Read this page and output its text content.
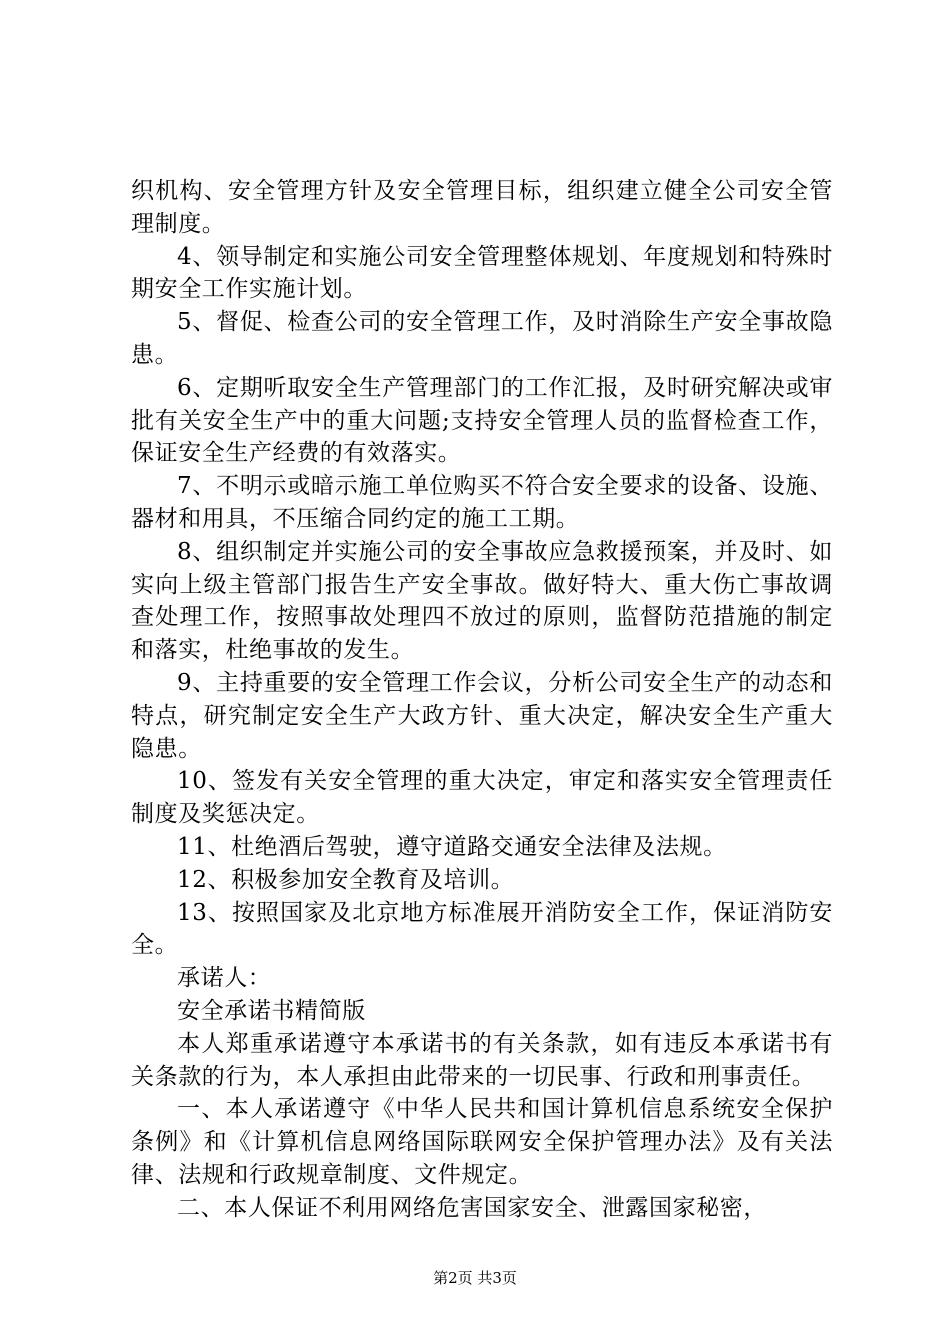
织机构、安全管理方针及安全管理目标，组织建立健全公司安全管理制度。

4、领导制定和实施公司安全管理整体规划、年度规划和特殊时期安全工作实施计划。

5、督促、检查公司的安全管理工作，及时消除生产安全事故隐患。

6、定期听取安全生产管理部门的工作汇报，及时研究解决或审批有关安全生产中的重大问题;支持安全管理人员的监督检查工作，保证安全生产经费的有效落实。

7、不明示或暗示施工单位购买不符合安全要求的设备、设施、器材和用具，不压缩合同约定的施工工期。

8、组织制定并实施公司的安全事故应急救援预案，并及时、如实向上级主管部门报告生产安全事故。做好特大、重大伤亡事故调查处理工作，按照事故处理四不放过的原则，监督防范措施的制定和落实，杜绝事故的发生。

9、主持重要的安全管理工作会议，分析公司安全生产的动态和特点，研究制定安全生产大政方针、重大决定，解决安全生产重大隐患。

10、签发有关安全管理的重大决定，审定和落实安全管理责任制度及奖惩决定。

11、杜绝酒后驾驶，遵守道路交通安全法律及法规。

12、积极参加安全教育及培训。

13、按照国家及北京地方标准展开消防安全工作，保证消防安全。

承诺人：

安全承诺书精简版

本人郑重承诺遵守本承诺书的有关条款，如有违反本承诺书有关条款的行为，本人承担由此带来的一切民事、行政和刑事责任。

一、本人承诺遵守《中华人民共和国计算机信息系统安全保护条例》和《计算机信息网络国际联网安全保护管理办法》及有关法律、法规和行政规章制度、文件规定。

二、本人保证不利用网络危害国家安全、泄露国家秘密，

第2页 共3页
